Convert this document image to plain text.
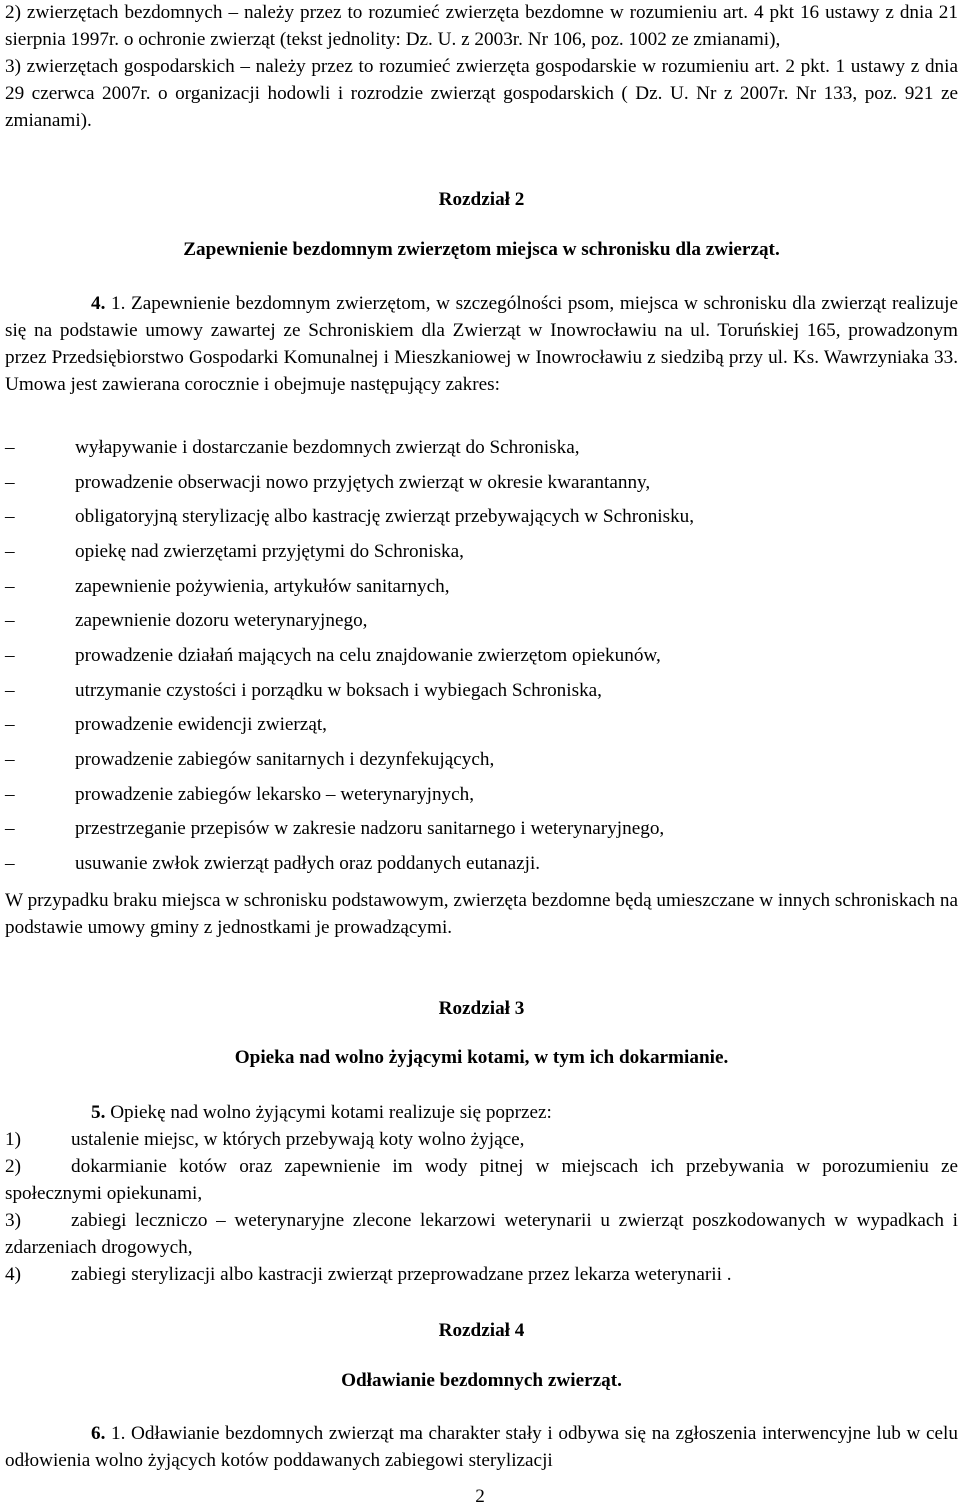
2) zwierzętach bezdomnych – należy przez to rozumieć zwierzęta bezdomne w rozumieniu art. 4 pkt 16 ustawy z dnia 21 sierpnia 1997r. o ochronie zwierząt (tekst jednolity: Dz. U. z 2003r. Nr 106, poz. 1002 ze zmianami),

3) zwierzętach gospodarskich – należy przez to rozumieć zwierzęta gospodarskie w rozumieniu art. 2 pkt. 1 ustawy z dnia 29 czerwca 2007r. o organizacji hodowli i rozrodzie zwierząt gospodarskich ( Dz. U. Nr z 2007r. Nr 133, poz. 921 ze zmianami).

Rozdział 2

Zapewnienie bezdomnym zwierzętom miejsca w schronisku dla zwierząt.

4. 1. Zapewnienie bezdomnym zwierzętom, w szczególności psom, miejsca w schronisku dla zwierząt realizuje się na podstawie umowy zawartej ze Schroniskiem dla Zwierząt w Inowrocławiu na ul. Toruńskiej 165, prowadzonym przez Przedsiębiorstwo Gospodarki Komunalnej i Mieszkaniowej w Inowrocławiu z siedzibą przy ul. Ks. Wawrzyniaka 33. Umowa jest zawierana corocznie i obejmuje następujący zakres:

–	wyłapywanie i dostarczanie bezdomnych zwierząt do Schroniska,
–	prowadzenie obserwacji nowo przyjętych zwierząt w okresie kwarantanny,
–	obligatoryjną sterylizację albo kastrację zwierząt przebywających w Schronisku,
–	opiekę nad zwierzętami przyjętymi do Schroniska,
–	zapewnienie pożywienia, artykułów sanitarnych,
–	zapewnienie dozoru weterynaryjnego,
–	prowadzenie działań mających na celu znajdowanie zwierzętom opiekunów,
–	utrzymanie czystości i porządku w boksach i wybiegach Schroniska,
–	prowadzenie ewidencji zwierząt,
–	prowadzenie zabiegów sanitarnych i dezynfekujących,
–	prowadzenie zabiegów lekarsko – weterynaryjnych,
–	przestrzeganie przepisów w zakresie nadzoru sanitarnego i weterynaryjnego,
–	usuwanie zwłok zwierząt padłych oraz poddanych eutanazji.

W przypadku braku miejsca w schronisku podstawowym, zwierzęta bezdomne będą umieszczane w innych schroniskach na podstawie umowy gminy z jednostkami je prowadzącymi.

Rozdział 3

Opieka nad wolno żyjącymi kotami, w tym ich dokarmianie.

5. Opiekę nad wolno żyjącymi kotami realizuje się poprzez:

1)	ustalenie miejsc, w których przebywają koty wolno żyjące,

2)	dokarmianie kotów oraz zapewnienie im wody pitnej w miejscach ich przebywania w porozumieniu ze społecznymi opiekunami,

3)	zabiegi leczniczo – weterynaryjne zlecone lekarzowi weterynarii u zwierząt poszkodowanych w wypadkach i zdarzeniach drogowych,

4)	zabiegi sterylizacji albo kastracji zwierząt przeprowadzane przez lekarza weterynarii .

Rozdział 4

Odławianie bezdomnych zwierząt.

6. 1. Odławianie bezdomnych zwierząt ma charakter stały i odbywa się na zgłoszenia interwencyjne lub w celu odłowienia wolno żyjących kotów poddawanych zabiegowi sterylizacji

2
